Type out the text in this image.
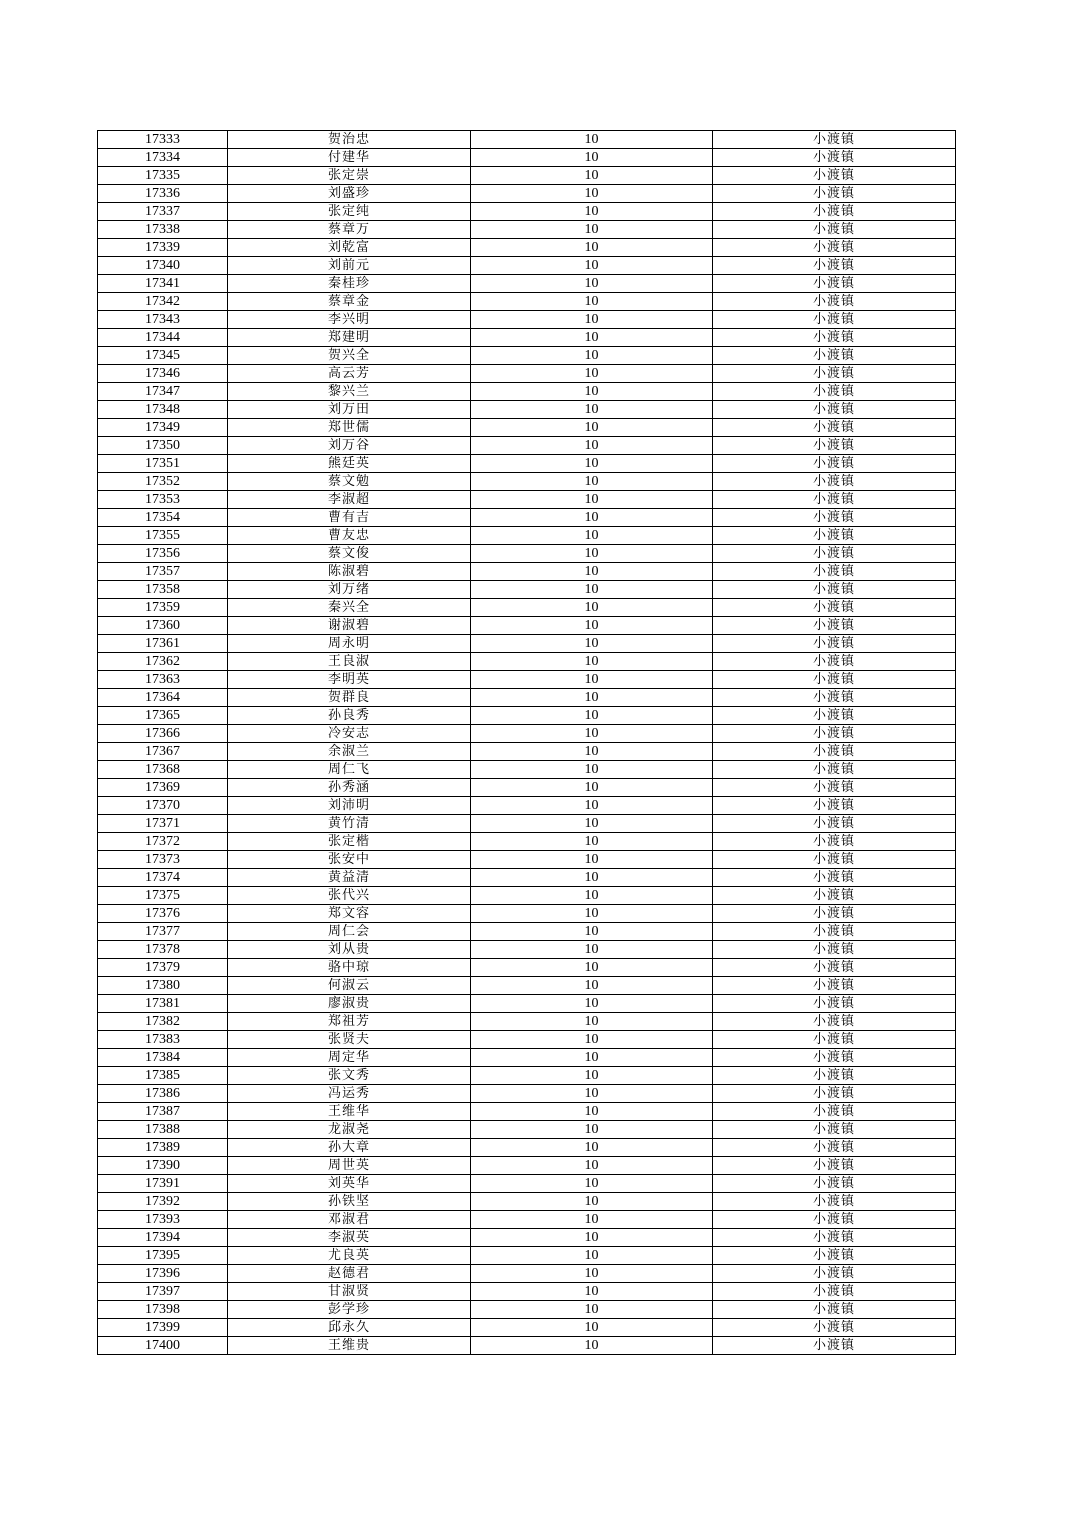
17333	贺治忠	10	小渡镇
17334	付建华	10	小渡镇
17335	张定崇	10	小渡镇
17336	刘盛珍	10	小渡镇
17337	张定纯	10	小渡镇
17338	蔡章万	10	小渡镇
17339	刘乾富	10	小渡镇
17340	刘前元	10	小渡镇
17341	秦桂珍	10	小渡镇
17342	蔡章金	10	小渡镇
17343	李兴明	10	小渡镇
17344	郑建明	10	小渡镇
17345	贺兴全	10	小渡镇
17346	高云芳	10	小渡镇
17347	黎兴兰	10	小渡镇
17348	刘万田	10	小渡镇
17349	郑世儒	10	小渡镇
17350	刘万谷	10	小渡镇
17351	熊廷英	10	小渡镇
17352	蔡文勉	10	小渡镇
17353	李淑超	10	小渡镇
17354	曹有吉	10	小渡镇
17355	曹友忠	10	小渡镇
17356	蔡文俊	10	小渡镇
17357	陈淑碧	10	小渡镇
17358	刘万绪	10	小渡镇
17359	秦兴全	10	小渡镇
17360	谢淑碧	10	小渡镇
17361	周永明	10	小渡镇
17362	王良淑	10	小渡镇
17363	李明英	10	小渡镇
17364	贺群良	10	小渡镇
17365	孙良秀	10	小渡镇
17366	冷安志	10	小渡镇
17367	余淑兰	10	小渡镇
17368	周仁飞	10	小渡镇
17369	孙秀涵	10	小渡镇
17370	刘沛明	10	小渡镇
17371	黄竹清	10	小渡镇
17372	张定楷	10	小渡镇
17373	张安中	10	小渡镇
17374	黄益清	10	小渡镇
17375	张代兴	10	小渡镇
17376	郑文容	10	小渡镇
17377	周仁会	10	小渡镇
17378	刘从贵	10	小渡镇
17379	骆中琼	10	小渡镇
17380	何淑云	10	小渡镇
17381	廖淑贵	10	小渡镇
17382	郑祖芳	10	小渡镇
17383	张贤夫	10	小渡镇
17384	周定华	10	小渡镇
17385	张文秀	10	小渡镇
17386	冯运秀	10	小渡镇
17387	王维华	10	小渡镇
17388	龙淑尧	10	小渡镇
17389	孙大章	10	小渡镇
17390	周世英	10	小渡镇
17391	刘英华	10	小渡镇
17392	孙铁坚	10	小渡镇
17393	邓淑君	10	小渡镇
17394	李淑英	10	小渡镇
17395	尤良英	10	小渡镇
17396	赵德君	10	小渡镇
17397	甘淑贤	10	小渡镇
17398	彭学珍	10	小渡镇
17399	邱永久	10	小渡镇
17400	王维贵	10	小渡镇
